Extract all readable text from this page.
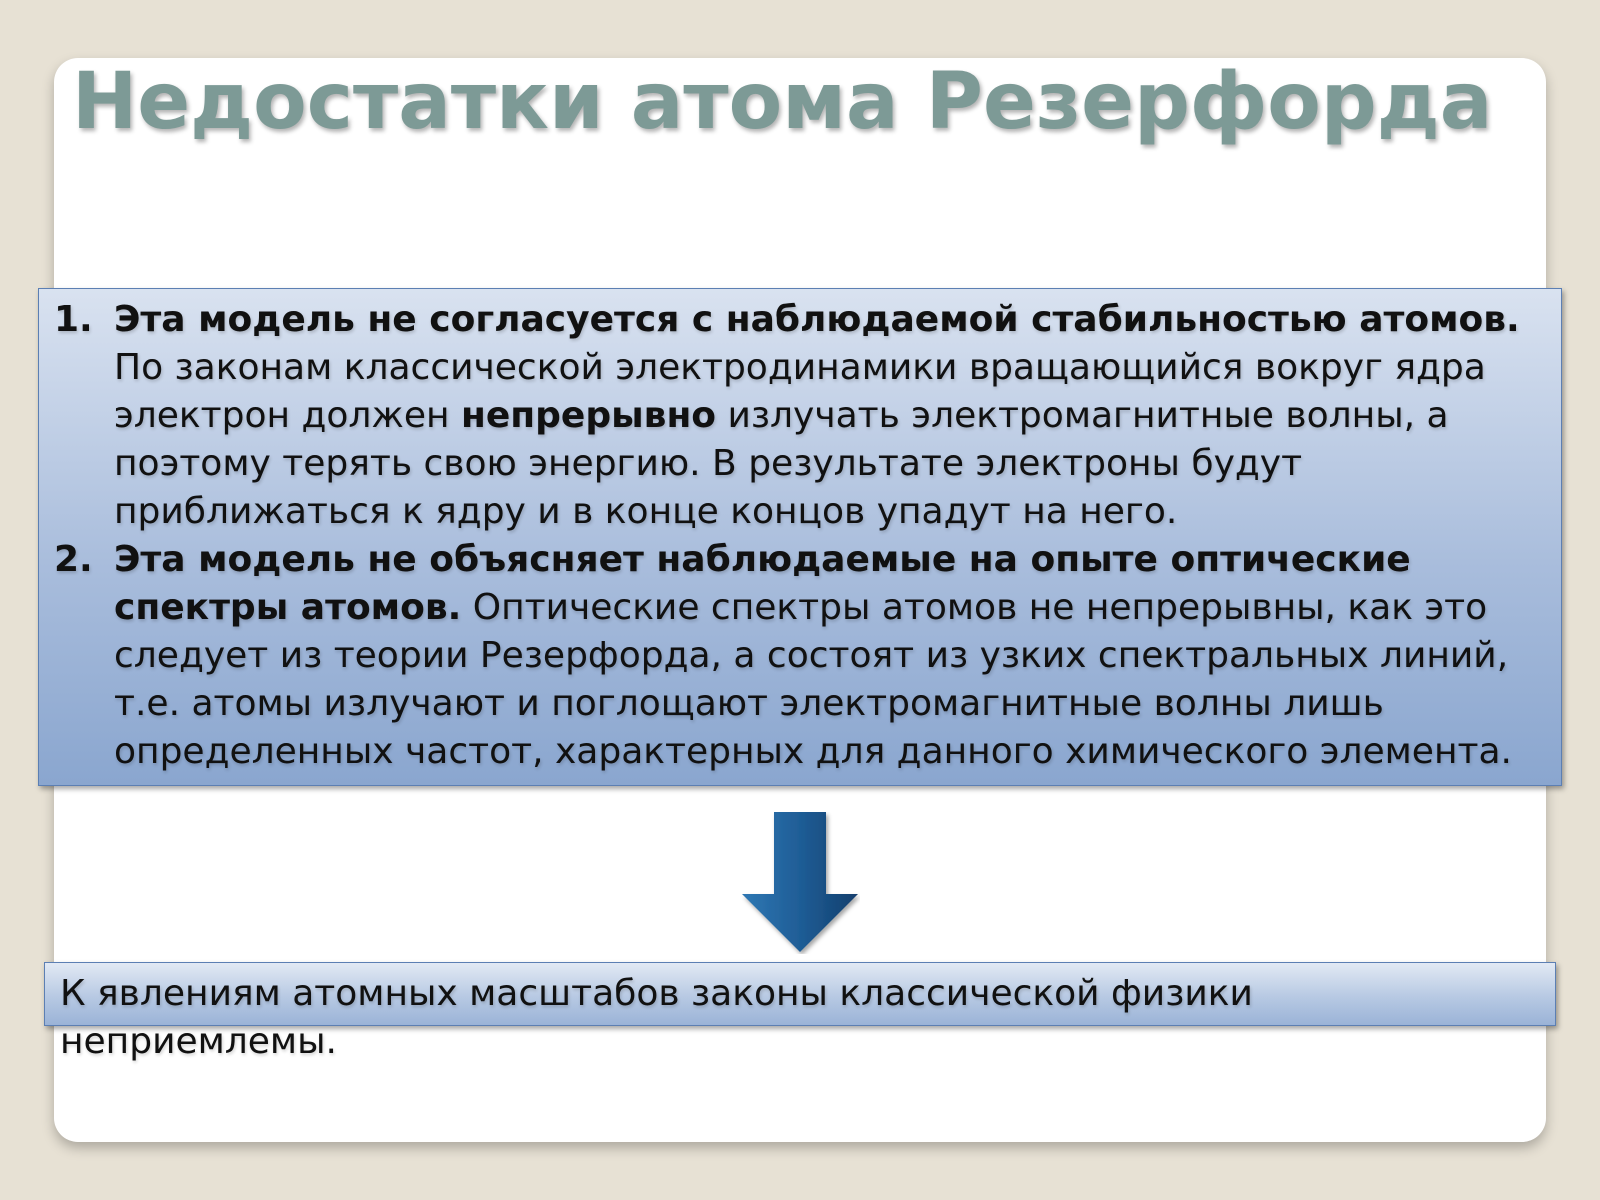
Недостатки атома Резерфорда
1. Эта модель не согласуется с наблюдаемой стабильностью атомов. По законам классической электродинамики вращающийся вокруг ядра электрон должен непрерывно излучать электромагнитные волны, а поэтому терять свою энергию. В результате электроны будут приближаться к ядру и в конце концов упадут на него.
2. Эта модель не объясняет наблюдаемые на опыте оптические спектры атомов. Оптические спектры атомов не непрерывны, как это следует из теории Резерфорда, а состоят из узких спектральных линий, т.е. атомы излучают и поглощают электромагнитные волны лишь определенных частот, характерных для данного химического элемента.

К явлениям атомных масштабов законы классической физики неприемлемы.
